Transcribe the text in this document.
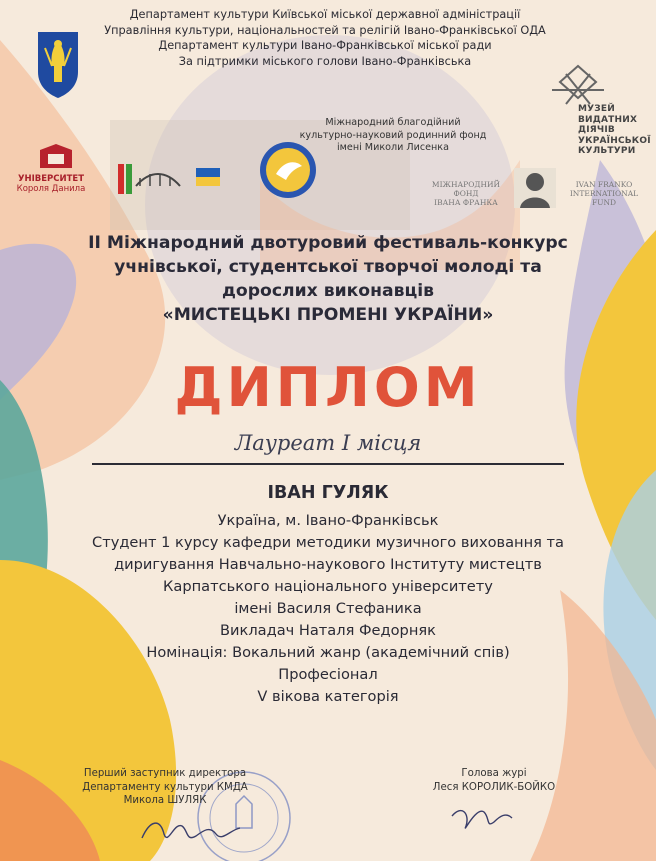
Департамент культури Київської міської державної адміністрації
Управління культури, національностей та релігій Івано-Франківської ОДА
Департамент культури Івано-Франківської міської ради
За підтримки міського голови Івано-Франківська
Міжнародний благодійний
культурно-науковий родинний фонд
імені Миколи Лисенка
МУЗЕЙ
ВИДАТНИХ
ДІЯЧІВ
УКРАЇНСЬКОЇ
КУЛЬТУРИ
УНІВЕРСИТЕТ
Короля Данила	МІЖНАРОДНИЙ ФОНД
ІВАНА ФРАНКА
IVAN FRANKO
INTERNATIONAL FUND
ІІ Міжнародний двотуровий фестиваль-конкурс
учнівської, студентської творчої молоді та
дорослих виконавців
«МИСТЕЦЬКІ ПРОМЕНІ УКРАЇНИ»
ДИПЛОМ
Лауреат І місця
ІВАН ГУЛЯК
Україна, м. Івано-Франківськ
Студент 1 курсу кафедри методики музичного виховання та
диригування Навчально-наукового Інституту мистецтв
Карпатського національного університету
імені Василя Стефаника
Викладач Наталя Федорняк
Номінація: Вокальний жанр (академічний спів)
Професіонал
V вікова категорія
Перший заступник директора
Департаменту культури КМДА
Микола ШУЛЯК
Голова журі
Леся КОРОЛИК-БОЙКО
